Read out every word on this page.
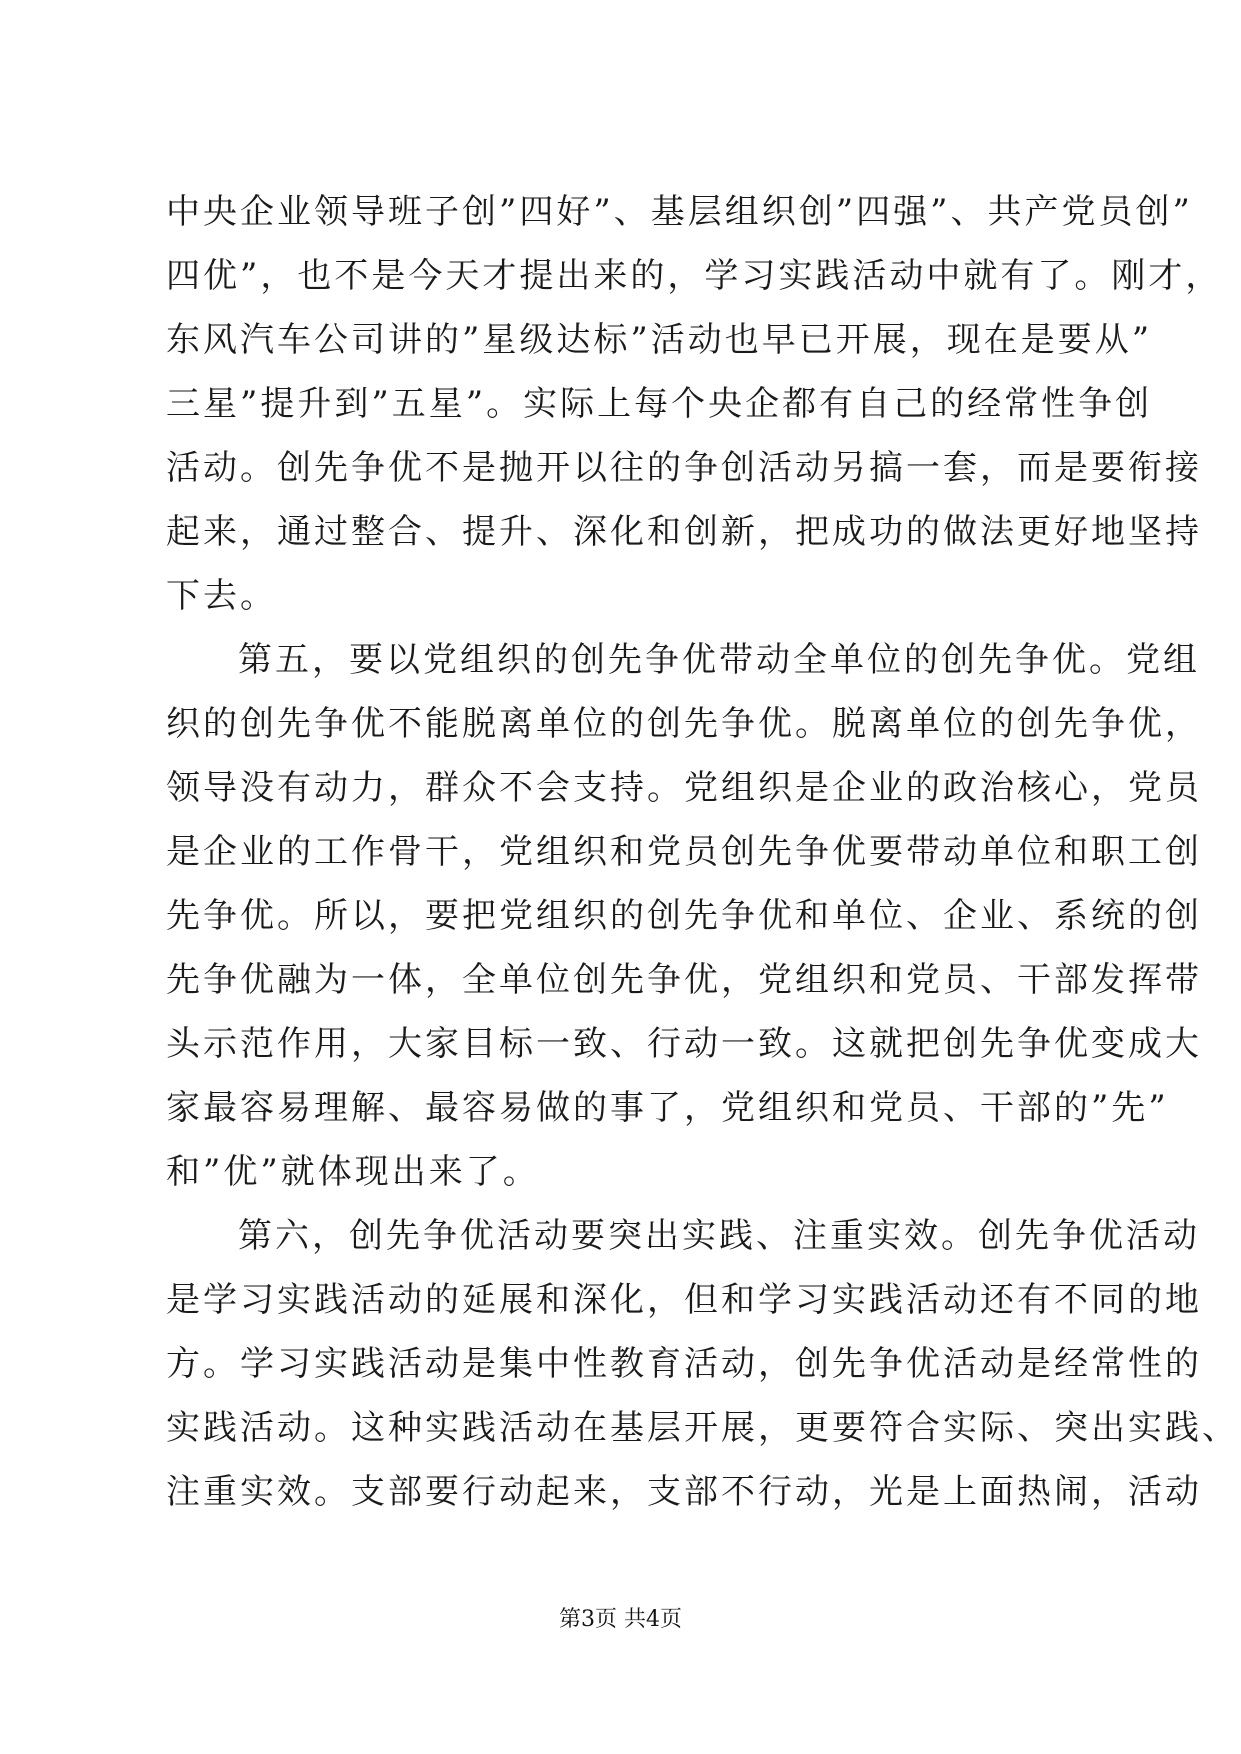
中央企业领导班子创”四好”、基层组织创”四强”、共产党员创”
四优”，也不是今天才提出来的，学习实践活动中就有了。刚才，
东风汽车公司讲的”星级达标”活动也早已开展，现在是要从”
三星”提升到”五星”。实际上每个央企都有自己的经常性争创
活动。创先争优不是抛开以往的争创活动另搞一套，而是要衔接
起来，通过整合、提升、深化和创新，把成功的做法更好地坚持
下去。
第五，要以党组织的创先争优带动全单位的创先争优。党组
织的创先争优不能脱离单位的创先争优。脱离单位的创先争优，
领导没有动力，群众不会支持。党组织是企业的政治核心，党员
是企业的工作骨干，党组织和党员创先争优要带动单位和职工创
先争优。所以，要把党组织的创先争优和单位、企业、系统的创
先争优融为一体，全单位创先争优，党组织和党员、干部发挥带
头示范作用，大家目标一致、行动一致。这就把创先争优变成大
家最容易理解、最容易做的事了，党组织和党员、干部的”先”
和”优”就体现出来了。
第六，创先争优活动要突出实践、注重实效。创先争优活动
是学习实践活动的延展和深化，但和学习实践活动还有不同的地
方。学习实践活动是集中性教育活动，创先争优活动是经常性的
实践活动。这种实践活动在基层开展，更要符合实际、突出实践、
注重实效。支部要行动起来，支部不行动，光是上面热闹，活动
第3页 共4页
